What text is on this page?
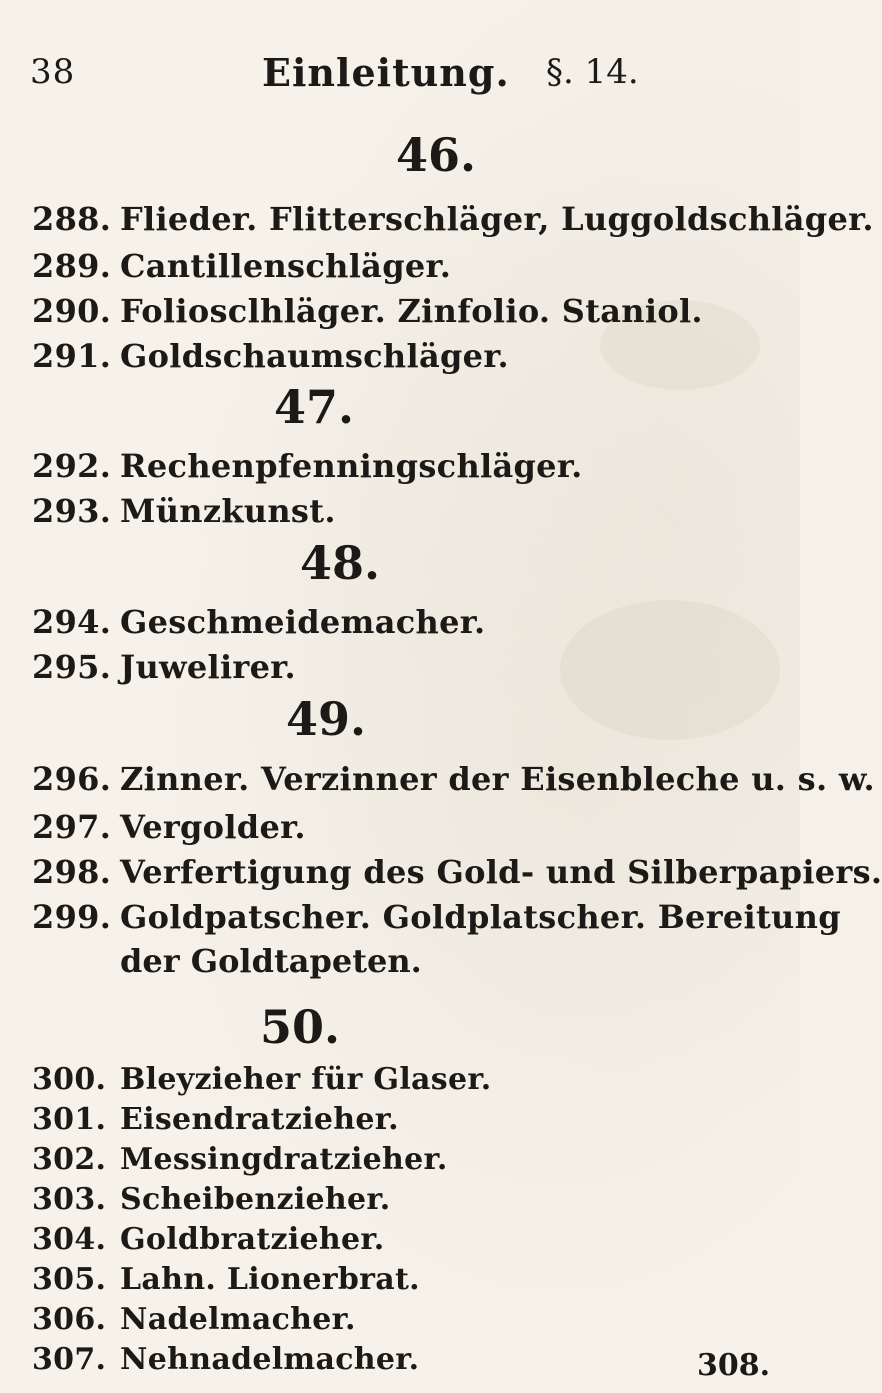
38	Einleitung. §. 14.
46.
288. Flieder. Flitterschläger, Luggoldschläger.
289. Cantillenschläger.
290. Foliosclhläger. Zinfolio. Staniol.
291. Goldschaumschläger.
47.
292. Rechenpfenningschläger.
293. Münzkunst.
48.
294. Geschmeidemacher.
295. Juwelirer.
49.
296. Zinner. Verzinner der Eisenbleche u. s. w.
297. Vergolder.
298. Verfertigung des Gold- und Silberpapiers.
299. Goldpatscher. Goldplatscher. Bereitung
der Goldtapeten.
50.
300. Bleyzieher für Glaser.
301. Eisendratzieher.
302. Messingdratzieher.
303. Scheibenzieher.
304. Goldbratzieher.
305. Lahn. Lionerbrat.
306. Nadelmacher.
307. Nehnadelmacher.	308.
